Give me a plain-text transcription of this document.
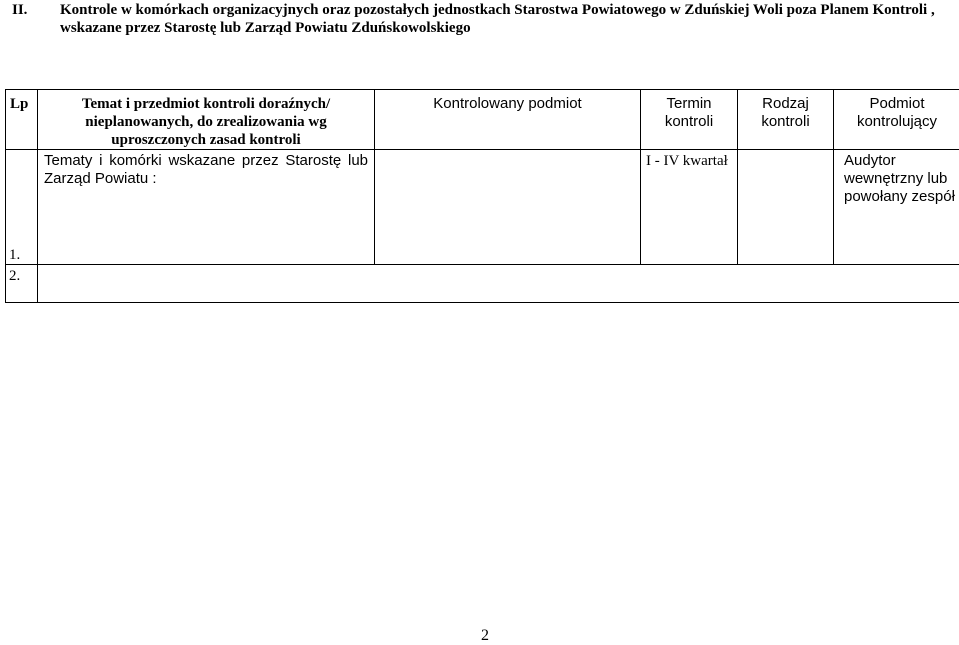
II. Kontrole w komórkach organizacyjnych oraz pozostałych jednostkach Starostwa Powiatowego w Zduńskiej Woli poza Planem Kontroli , wskazane przez Starostę lub Zarząd Powiatu Zduńskowolskiego
Lp	Temat i przedmiot kontroli doraźnych/ nieplanowanych, do zrealizowania wg uproszczonych zasad kontroli	Kontrolowany podmiot	Termin kontroli	Rodzaj kontroli	Podmiot kontrolujący
1.	Tematy i komórki wskazane przez Starostę lub Zarząd Powiatu :		I - IV kwartał		Audytor wewnętrzny lub powołany zespół
2.					
2
